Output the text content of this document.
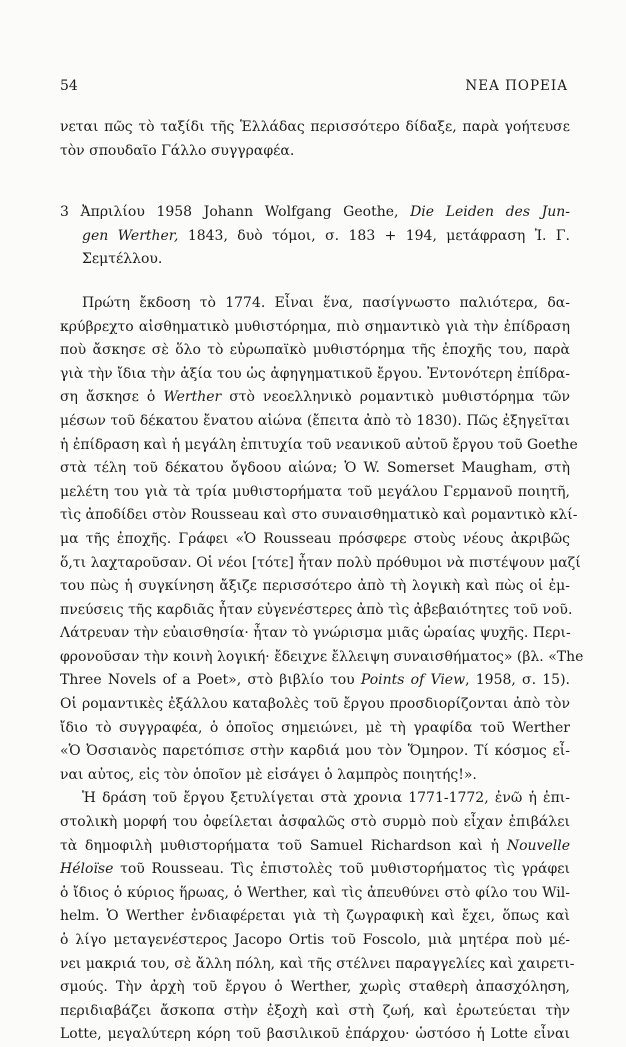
54	ΝΕΑ ΠΟΡΕΙΑ
νεται πῶς τὸ ταξίδι τῆς Ἑλλάδας περισσότερο δίδαξε, παρὰ γοήτευσε
τὸν σπουδαῖο Γάλλο συγγραφέα.
3 Ἀπριλίου 1958 Johann Wolfgang Geothe, Die Leiden des Jun-
gen Werther, 1843, δυὸ τόμοι, σ. 183 + 194, μετάφραση Ἰ. Γ.
Σεμτέλλου.
Πρώτη ἔκδοση τὸ 1774. Εἶναι ἕνα, πασίγνωστο παλιότερα, δα-
κρύβρεχτο αἰσθηματικὸ μυθιστόρημα, πιὸ σημαντικὸ γιὰ τὴν ἐπίδραση
ποὺ ἄσκησε σὲ ὅλο τὸ εὐρωπαϊκὸ μυθιστόρημα τῆς ἐποχῆς του, παρὰ
γιὰ τὴν ἴδια τὴν ἀξία του ὡς ἀφηγηματικοῦ ἔργου. Ἐντονότερη ἐπίδρα-
ση ἄσκησε ὁ Werther στὸ νεοελληνικὸ ρομαντικὸ μυθιστόρημα τῶν
μέσων τοῦ δέκατου ἔνατου αἰώνα (ἔπειτα ἀπὸ τὸ 1830). Πῶς ἐξηγεῖται
ἡ ἐπίδραση καὶ ἡ μεγάλη ἐπιτυχία τοῦ νεανικοῦ αὐτοῦ ἔργου τοῦ Goethe
στὰ τέλη τοῦ δέκατου ὄγδοου αἰώνα; Ὁ W. Somerset Maugham, στὴ
μελέτη του γιὰ τὰ τρία μυθιστορήματα τοῦ μεγάλου Γερμανοῦ ποιητῆ,
τὶς ἀποδίδει στὸν Rousseau καὶ στο συναισθηματικὸ καὶ ρομαντικὸ κλί-
μα τῆς ἐποχῆς. Γράφει «Ὁ Rousseau πρόσφερε στοὺς νέους ἀκριβῶς
ὅ,τι λαχταροῦσαν. Οἱ νέοι [τότε] ἦταν πολὺ πρόθυμοι νὰ πιστέψουν μαζί
του πὼς ἡ συγκίνηση ἄξιζε περισσότερο ἀπὸ τὴ λογικὴ καὶ πὼς οἱ ἐμ-
πνεύσεις τῆς καρδιᾶς ἦταν εὐγενέστερες ἀπὸ τὶς ἀβεβαιότητες τοῦ νοῦ.
Λάτρευαν τὴν εὐαισθησία· ἦταν τὸ γνώρισμα μιᾶς ὡραίας ψυχῆς. Περι-
φρονοῦσαν τὴν κοινὴ λογική· ἔδειχνε ἔλλειψη συναισθήματος» (βλ. «The
Three Novels of a Poet», στὸ βιβλίο του Points of View, 1958, σ. 15).
Οἱ ρομαντικὲς ἐξάλλου καταβολὲς τοῦ ἔργου προσδιορίζονται ἀπὸ τὸν
ἴδιο τὸ συγγραφέα, ὁ ὁποῖος σημειώνει, μὲ τὴ γραφίδα τοῦ Werther
«Ὁ Ὀσσιανὸς παρετόπισε στὴν καρδιά μου τὸν Ὅμηρον. Τί κόσμος εἶ-
ναι αὐτος, εἰς τὸν ὁποῖον μὲ εἰσάγει ὁ λαμπρὸς ποιητής!».
Ἡ δράση τοῦ ἔργου ξετυλίγεται στὰ χρονια 1771-1772, ἐνῶ ἡ ἐπι-
στολικὴ μορφή του ὀφείλεται ἀσφαλῶς στὸ συρμὸ ποὺ εἶχαν ἐπιβάλει
τὰ δημοφιλὴ μυθιστορήματα τοῦ Samuel Richardson καὶ ἡ Nouvelle
Héloïse τοῦ Rousseau. Τὶς ἐπιστολὲς τοῦ μυθιστορήματος τὶς γράφει
ὁ ἴδιος ὁ κύριος ἥρωας, ὁ Werther, καὶ τὶς ἀπευθύνει στὸ φίλο του Wil-
helm. Ὁ Werther ἐνδιαφέρεται γιὰ τὴ ζωγραφικὴ καὶ ἔχει, ὅπως καὶ
ὁ λίγο μεταγενέστερος Jacopo Ortis τοῦ Foscolo, μιὰ μητέρα ποὺ μέ-
νει μακριά του, σὲ ἄλλη πόλη, καὶ τῆς στέλνει παραγγελίες καὶ χαιρετι-
σμούς. Τὴν ἀρχὴ τοῦ ἔργου ὁ Werther, χωρὶς σταθερὴ ἀπασχόληση,
περιδιαβάζει ἄσκοπα στὴν ἐξοχὴ καὶ στὴ ζωή, καὶ ἐρωτεύεται τὴν
Lotte, μεγαλύτερη κόρη τοῦ βασιλικοῦ ἐπάρχου· ὡστόσο ἡ Lotte εἶναι
